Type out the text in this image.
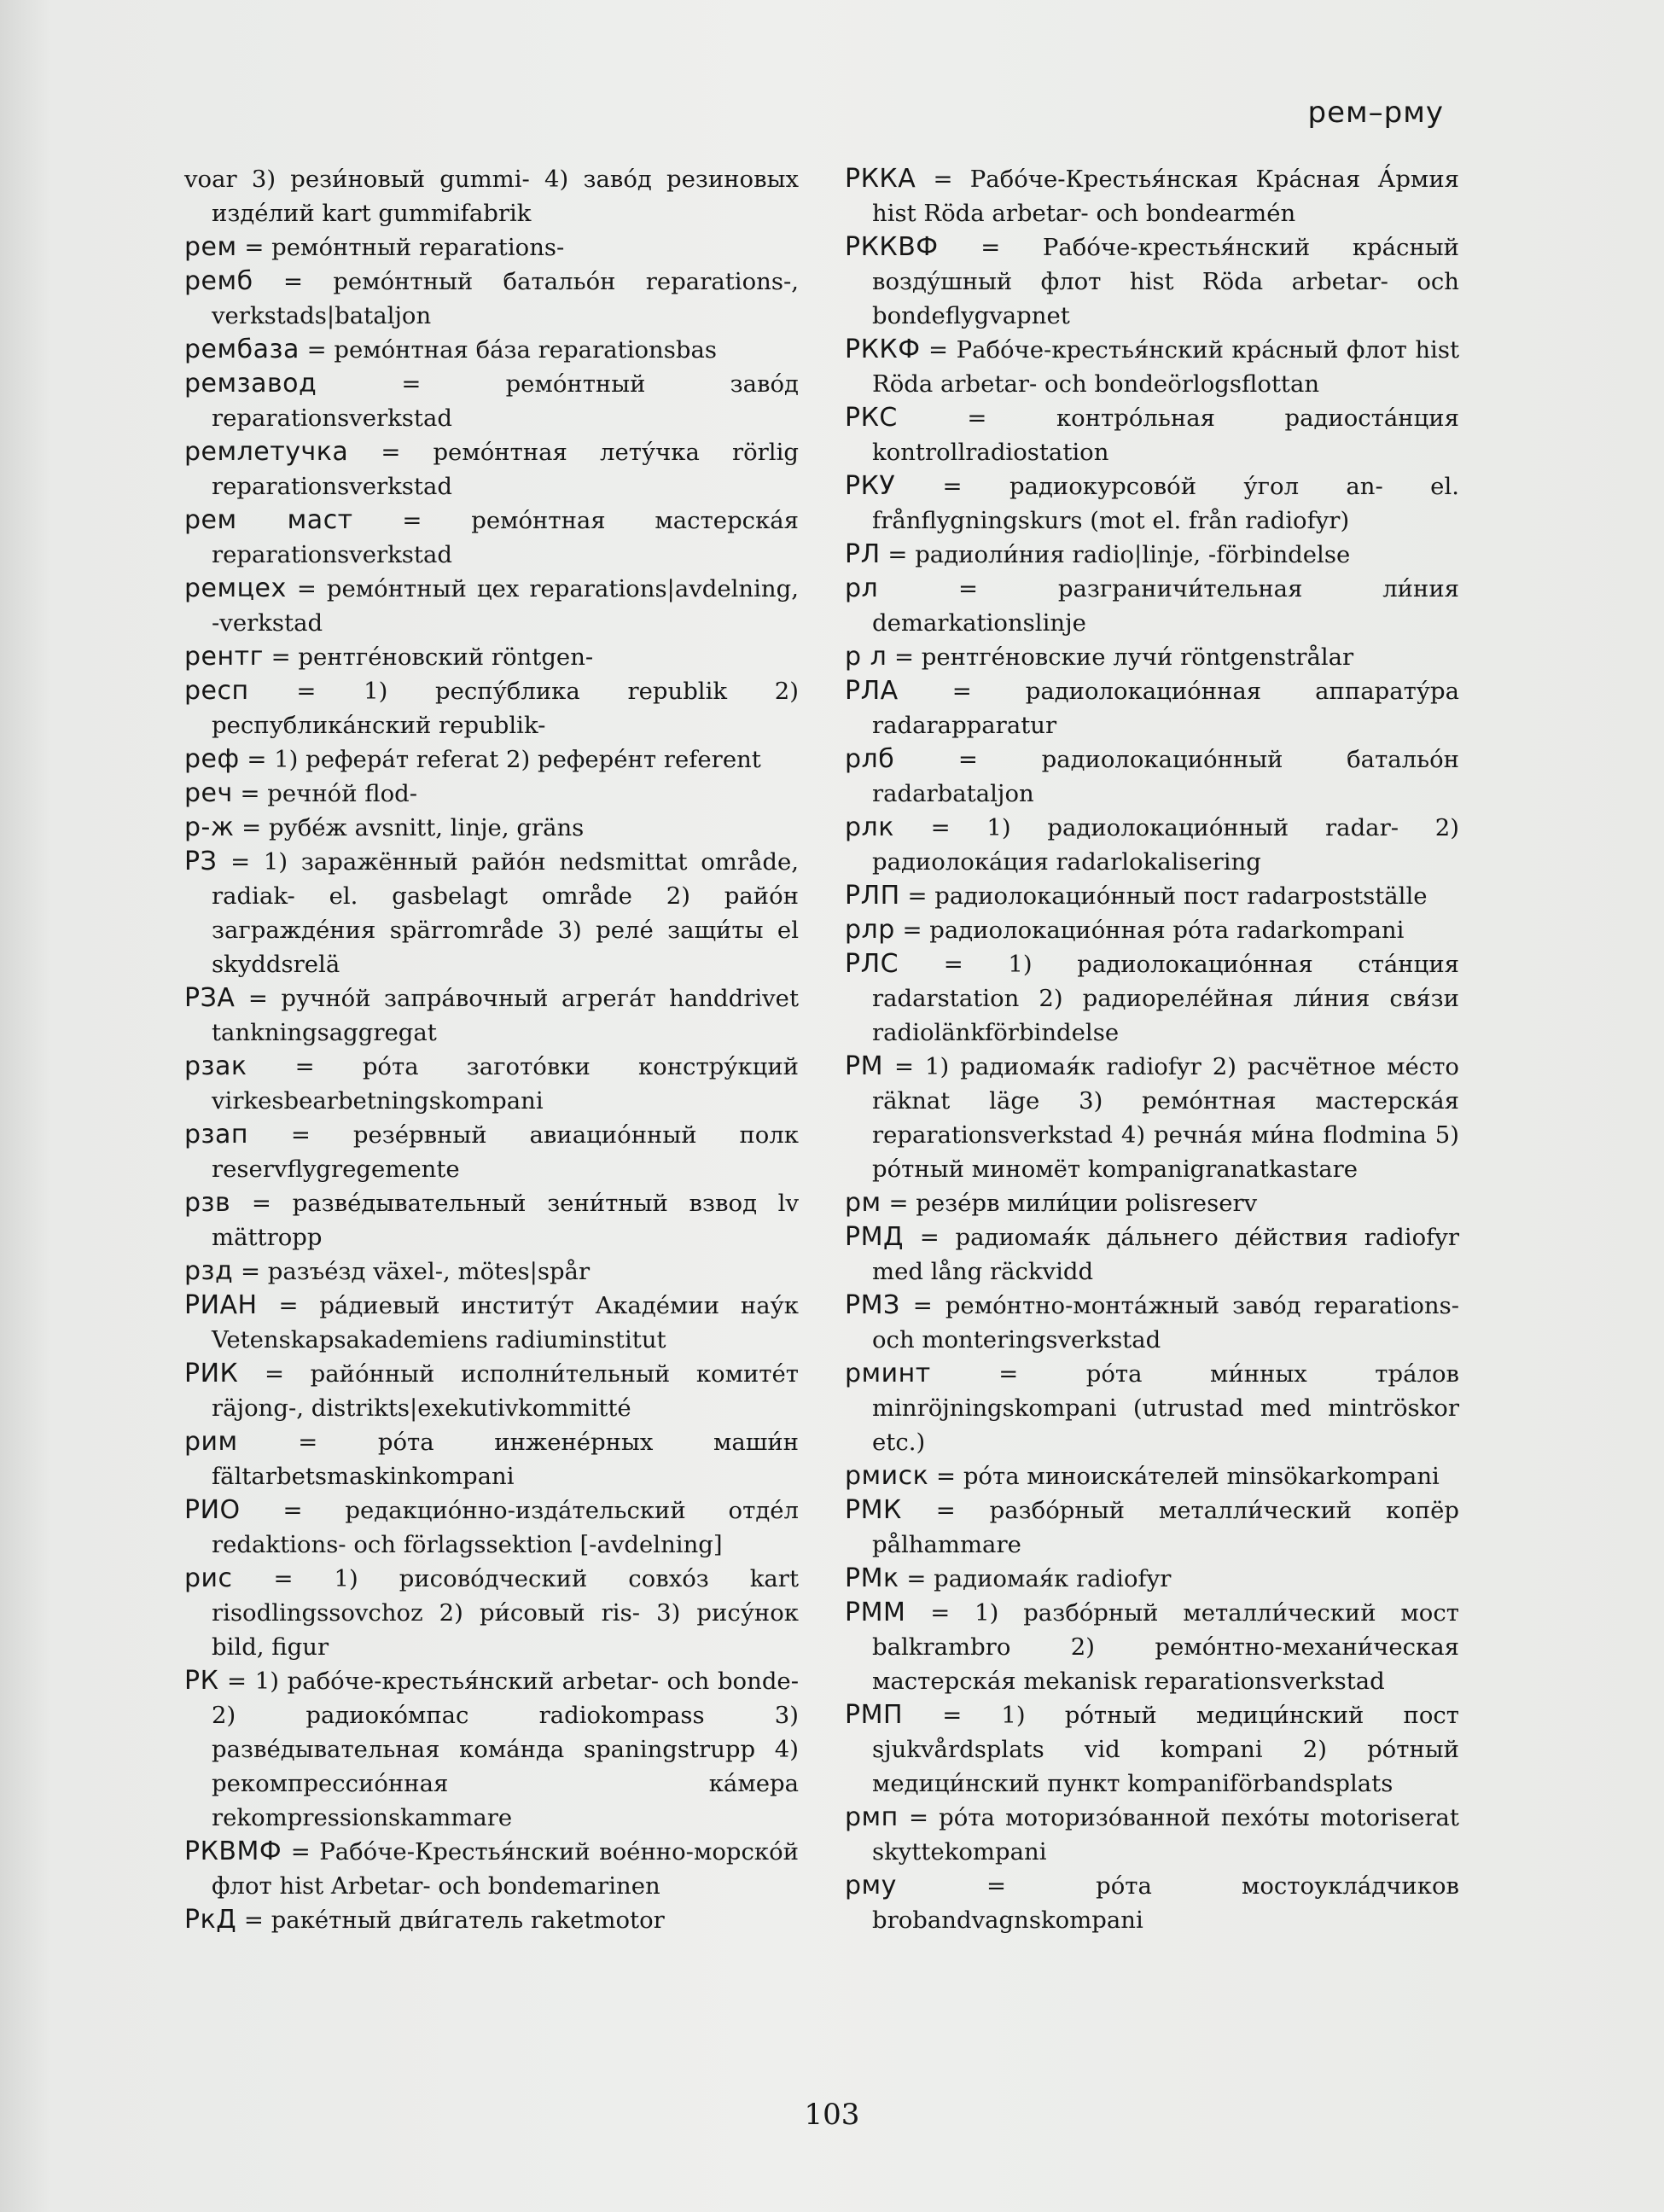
рем–рму
voar 3) рези́новый gummi- 4) заво́д резиновых изде́лий kart gummifabrik
рем = ремо́нтный reparations-
ремб = ремо́нтный батальо́н reparations-, verkstads|bataljon
рембаза = ремо́нтная ба́за reparationsbas
ремзавод	= ремо́нтный заво́д reparationsverkstad
ремлетучка = ремо́нтная лету́чка rörlig reparationsverkstad
рем маст = ремо́нтная мастерска́я reparationsverkstad
ремцех = ремо́нтный цех reparations|avdelning, -verkstad
рентг = рентге́новский röntgen-
респ = 1) респу́блика republik 2) республика́нский republik-
реф = 1) рефера́т referat 2) рефере́нт referent
реч = речно́й flod-
р-ж = рубе́ж avsnitt, linje, gräns
РЗ = 1) заражённый райо́н nedsmittat område, radiak- el. gasbelagt område 2) райо́н загражде́ния spärrområde 3) реле́ защи́ты el skyddsrelä
РЗА = ручно́й запра́вочный агрега́т handdrivet tankningsaggregat
рзак = ро́та загото́вки констру́кций virkesbearbetningskompani
рзап = резе́рвный авиацио́нный полк reservflygregemente
рзв = разве́дывательный зени́тный взвод lv mättropp
рзд = разъе́зд växel-, mötes|spår
РИАН = ра́диевый институ́т Акаде́мии нау́к Vetenskapsakademiens radiuminstitut
РИК = райо́нный исполни́тельный комите́т räjong-, distrikts|exekutivkommitté
рим	= ро́та инжене́рных маши́н fältarbetsmaskinkompani
РИО = редакцио́нно-изда́тельский отде́л redaktions- och förlagssektion [-avdelning]
рис = 1) рисово́дческий совхо́з kart risodlingssovchoz 2) ри́совый ris- 3) рису́нок bild, figur
РК = 1) рабо́че-крестья́нский arbetar- och bonde- 2) радиоко́мпас radiokompass 3) разве́дывательная кома́нда spaningstrupp 4) рекомпрессио́нная ка́мера rekompressionskammare
РКВМФ = Рабо́че-Крестья́нский вое́нно-морско́й флот hist Arbetar- och bondemarinen
РкД = раке́тный дви́гатель raketmotor
РККА = Рабо́че-Крестья́нская Кра́сная А́рмия hist Röda arbetar- och bondearmén
РККВФ = Рабо́че-крестья́нский кра́сный возду́шный флот hist Röda arbetar- och bondeflygvapnet
РККФ = Рабо́че-крестья́нский кра́сный флот hist Röda arbetar- och bondeörlogsflottan
РКС	= контро́льная радиоста́нция kontrollradiostation
РКУ = радиокурсово́й у́гол an- el. frånflygningskurs (mot el. från radiofyr)
РЛ = радиоли́ния radio|linje, -förbindelse
рл	= разграничи́тельная ли́ния demarkationslinje
р л = рентге́новские лучи́ röntgenstrålar
РЛА = радиолокацио́нная аппарату́ра radarapparatur
рлб	= радиолокацио́нный батальо́н radarbataljon
рлк = 1) радиолокацио́нный radar- 2) радиолока́ция radarlokalisering
РЛП = радиолокацио́нный пост radarpostställe
рлр = радиолокацио́нная ро́та radarkompani
РЛС = 1) радиолокацио́нная ста́нция radarstation 2) радиореле́йная ли́ния свя́зи radiolänkförbindelse
РМ = 1) радиомая́к radiofyr 2) расчётное ме́сто räknat läge 3) ремо́нтная мастерска́я reparationsverkstad 4) речна́я ми́на flodmina 5) ро́тный миномёт kompanigranatkastare
рм = резе́рв мили́ции polisreserv
РМД = радиомая́к да́льнего де́йствия radiofyr med lång räckvidd
РМЗ = ремо́нтно-монта́жный заво́д reparations- och monteringsverkstad
рминт	= ро́та ми́нных тра́лов minröjningskompani (utrustad med mintröskor etc.)
рмиск = ро́та миноиска́телей minsökarkompani
РМК = разбо́рный металли́ческий копёр pålhammare
РМк = радиомая́к radiofyr
РММ = 1) разбо́рный металли́ческий мост balkrambro 2) ремо́нтно-механи́ческая мастерска́я mekanisk reparationsverkstad
РМП = 1) ро́тный медици́нский пост sjukvårdsplats vid kompani 2) ро́тный медици́нский пункт kompaniförbandsplats
рмп = ро́та моторизо́ванной пехо́ты motoriserat skyttekompani
рму	= ро́та мостоукла́дчиков brobandvagnskompani
103
